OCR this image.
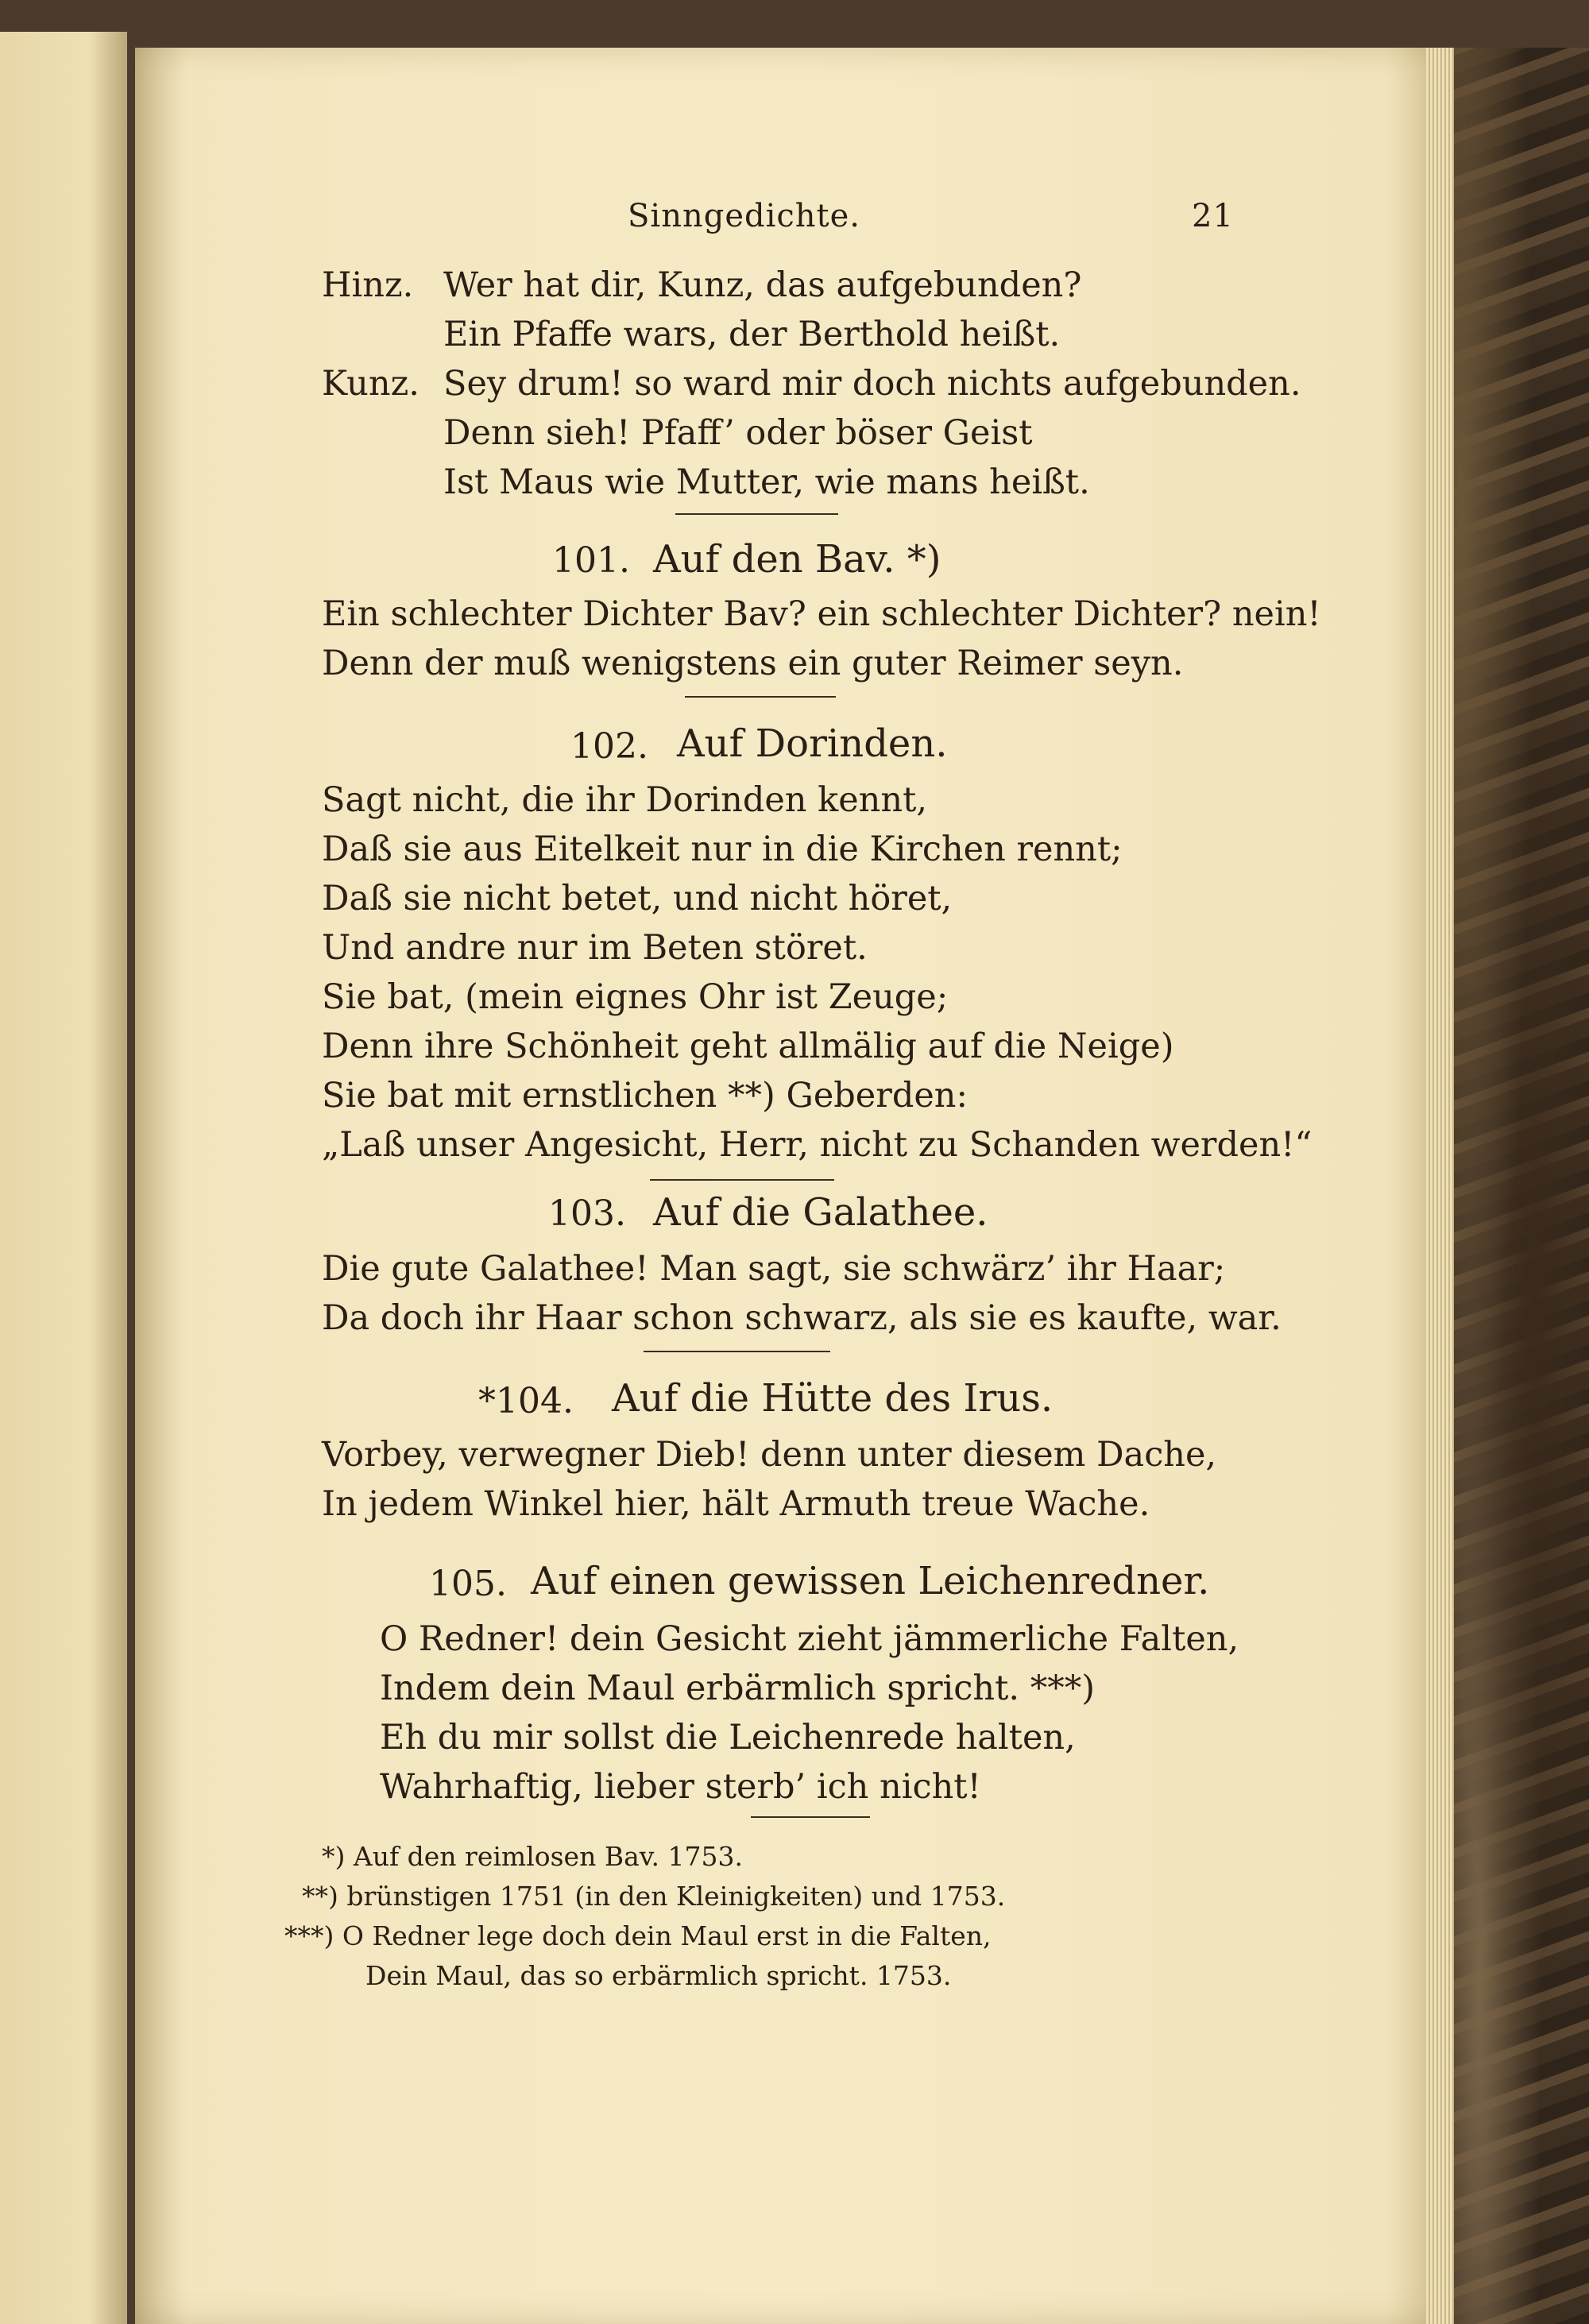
Sinngedichte.	21
Hinz. Wer hat dir, Kunz, das aufgebunden?
Ein Pfaffe wars, der Berthold heißt.
Kunz. Sey drum! so ward mir doch nichts aufgebunden.
Denn sieh! Pfaff’ oder böser Geist
Ist Maus wie Mutter, wie mans heißt.
101. Auf den Bav. *)
Ein schlechter Dichter Bav? ein schlechter Dichter? nein!
Denn der muß wenigstens ein guter Reimer seyn.
102. Auf Dorinden.
Sagt nicht, die ihr Dorinden kennt,
Daß sie aus Eitelkeit nur in die Kirchen rennt;
Daß sie nicht betet, und nicht höret,
Und andre nur im Beten störet.
Sie bat, (mein eignes Ohr ist Zeuge;
Denn ihre Schönheit geht allmälig auf die Neige)
Sie bat mit ernstlichen **) Geberden:
„Laß unser Angesicht, Herr, nicht zu Schanden werden!“
103. Auf die Galathee.
Die gute Galathee! Man sagt, sie schwärz’ ihr Haar;
Da doch ihr Haar schon schwarz, als sie es kaufte, war.
*104. Auf die Hütte des Irus.
Vorbey, verwegner Dieb! denn unter diesem Dache,
In jedem Winkel hier, hält Armuth treue Wache.
105. Auf einen gewissen Leichenredner.
O Redner! dein Gesicht zieht jämmerliche Falten,
Indem dein Maul erbärmlich spricht. ***)
Eh du mir sollst die Leichenrede halten,
Wahrhaftig, lieber sterb’ ich nicht!
*) Auf den reimlosen Bav. 1753.
**) brünstigen 1751 (in den Kleinigkeiten) und 1753.
***) O Redner lege doch dein Maul erst in die Falten,
Dein Maul, das so erbärmlich spricht. 1753.
